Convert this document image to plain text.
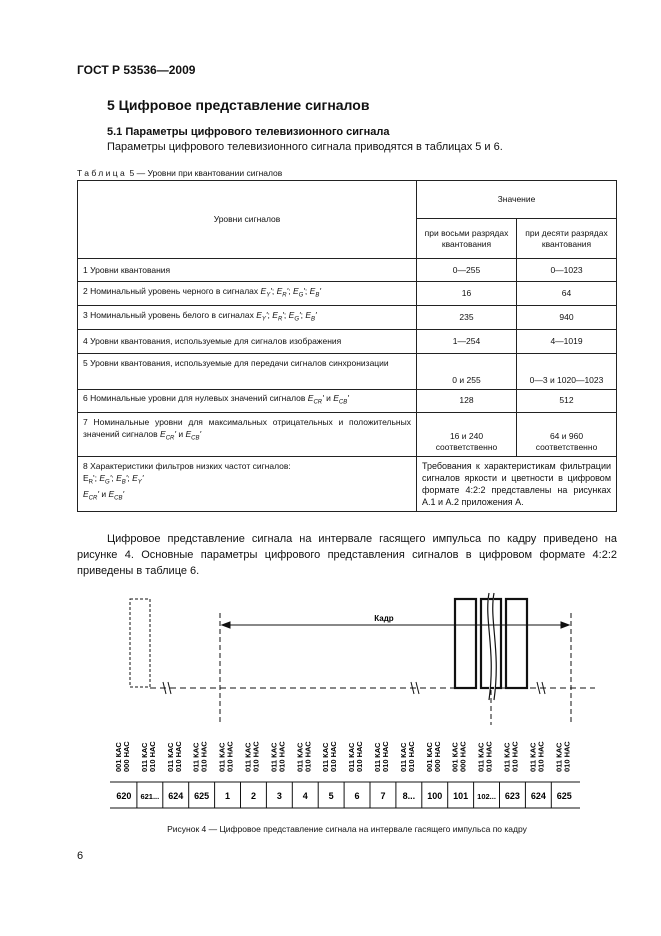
ГОСТ Р 53536—2009
5 Цифровое представление сигналов
5.1 Параметры цифрового телевизионного сигнала
Параметры цифрового телевизионного сигнала приводятся в таблицах 5 и 6.
Таблица 5 — Уровни при квантовании сигналов
Уровни сигналов	Значение	
	при восьми разрядах квантования	при десяти разрядах квантования
1 Уровни квантования	0—255	0—1023
2 Номинальный уровень черного в сигналах $E_Y'$; $E_R'$; $E_G'$; $E_B'$	16	64
3 Номинальный уровень белого в сигналах $E_Y'$; $E_R'$; $E_G'$; $E_B'$	235	940
4 Уровни квантования, используемые для сигналов изображения	1—254	4—1019
5 Уровни квантования, используемые для передачи сигналов синхронизации	0 и 255	0—3 и 1020—1023
6 Номинальные уровни для нулевых значений сигналов $E_{CR}'$ и $E_{CB}'$	128	512
7 Номинальные уровни для максимальных отрицательных и положительных значений сигналов $E_{CR}'$ и $E_{CB}'$	16 и 240 соответственно	64 и 960 соответственно
8 Характеристики фильтров низких частот сигналов:
$E_R'$; $E_G'$; $E_B'$; $E_Y'$
$E_{CR}'$ и $E_{CB}'$	Требования к характеристикам фильтрации сигналов яркости и цветности в цифровом формате 4:2:2 представлены на рисунках А.1 и А.2 приложения А.	
Цифровое представление сигнала на интервале гасящего импульса по кадру приведено на рисунке 4. Основные параметры цифрового представления сигналов в цифровом формате 4:2:2 приведены в таблице 6.
Кадр
001 КАС 000 НАС 011 КАС 010 НАС 011 КАС 010 НАС 011 КАС 010 НАС 011 КАС 010 НАС 011 КАС 010 НАС 011 КАС 010 НАС 011 КАС 010 НАС 011 КАС 010 НАС 011 КАС 010 НАС 011 КАС 010 НАС 011 КАС 010 НАС 001 КАС 000 НАС 001 КАС 000 НАС 011 КАС 010 НАС 011 КАС 010 НАС 011 КАС 010 НАС 011 КАС 010 НАС
620 621... 624 625 1 2 3 4 5 6 7 8... 100 101 102... 623 624 625
Рисунок 4 — Цифровое представление сигнала на интервале гасящего импульса по кадру
6
